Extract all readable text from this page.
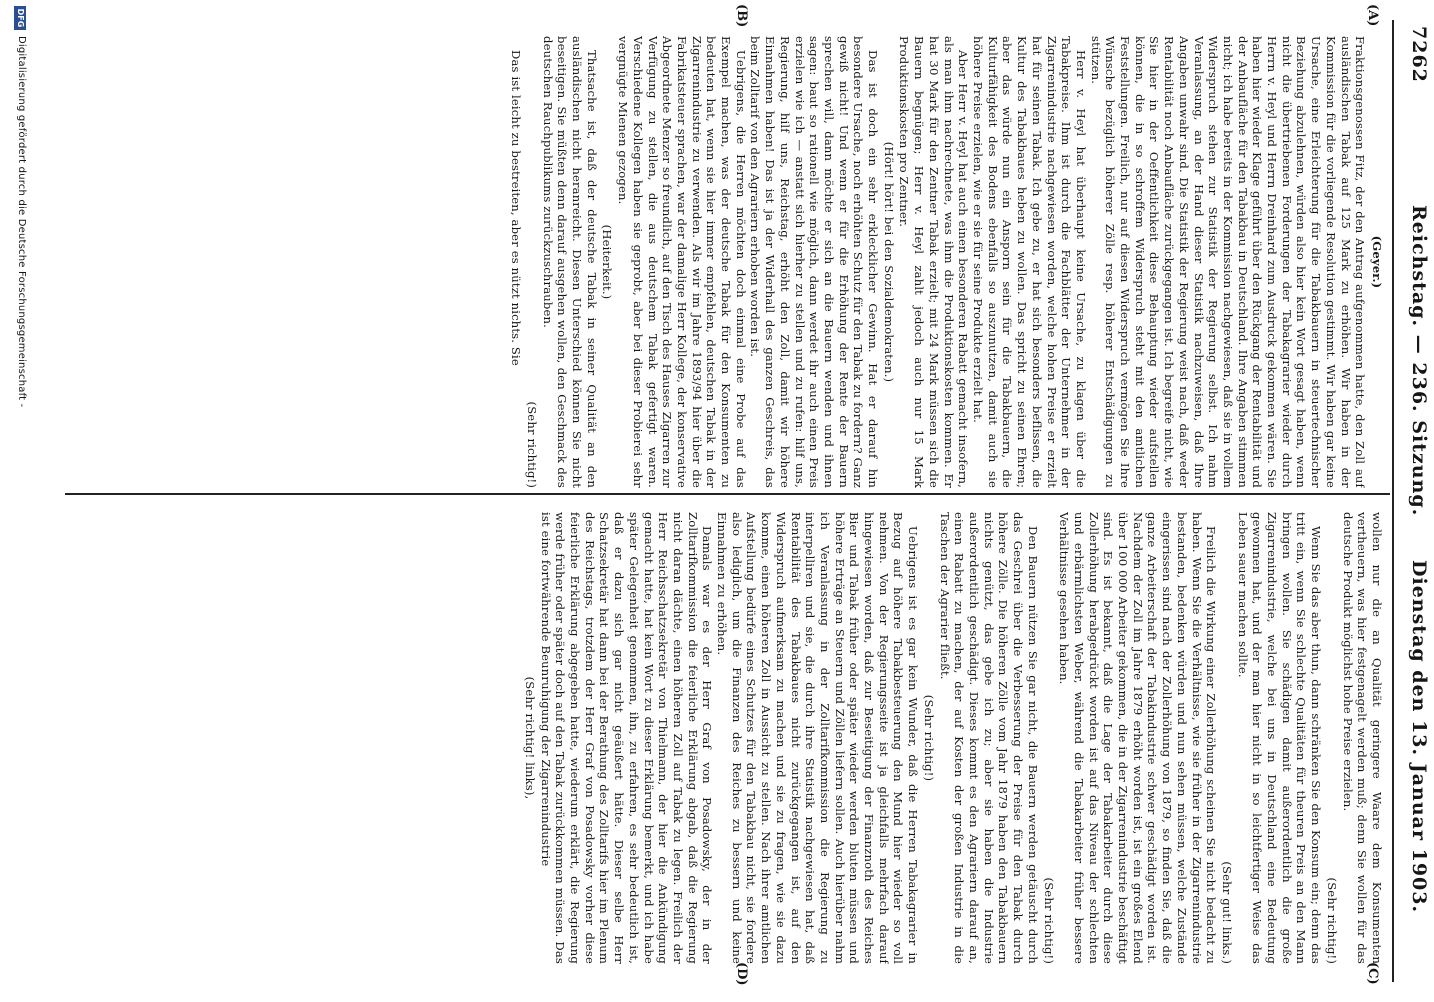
7262
Reichstag. — 236. Sitzung.
Dienstag den 13. Januar 1903.
(A)
(B)
(C)
(D)
(Geyer.)

Fraktionsgenossen Fitz, der den Antrag aufgenommen hatte, den Zoll auf ausländischen Tabak auf 125 Mark zu erhöhen. Wir haben in der Kommission für die vorliegende Resolution gestimmt. Wir haben gar keine Ursache, eine Erleichterung für die Tabakbauern in steuertechnischer Beziehung abzulehnen, würden also hier kein Wort gesagt haben, wenn nicht die übertriebenen Forderungen der Tabakagrarier wieder durch Herrn v. Heyl und Herrn Dreinhard zum Ausdruck gekommen wären. Sie haben hier wieder Klage geführt über den Rückgang der Rentabilität und der Anbaufläche für den Tabakbau in Deutschland. Ihre Angaben stimmen nicht; ich habe bereits in der Kommission nachgewiesen, daß sie in vollem Widerspruch stehen zur Statistik der Regierung selbst. Ich nahm Veranlassung, an der Hand dieser Statistik nachzuweisen, daß Ihre Angaben unwahr sind. Die Statistik der Regierung weist nach, daß weder Rentabilität noch Anbaufläche zurückgegangen ist. Ich begreife nicht, wie Sie hier in der Oeffentlichkeit diese Behauptung wieder aufstellen können, die in so schroffem Widerspruch steht mit den amtlichen Feststellungen. Freilich, nur auf diesen Widerspruch vermögen Sie Ihre Wünsche bezüglich höherer Zölle resp. höherer Entschädigungen zu stützen.

Herr v. Heyl hat überhaupt keine Ursache, zu klagen über die Tabakpreise. Ihm ist durch die Fachblätter der Unternehmer in der Zigarrenindustrie nachgewiesen worden, welche hohen Preise er erzielt hat für seinen Tabak. Ich gebe zu, er hat sich besonders beflissen, die Kultur des Tabakbaues heben zu wollen. Das spricht zu seinen Ehren; aber das würde nun ein Ansporn sein für die Tabakbauern, die Kulturfähigkeit des Bodens ebenfalls so auszunutzen, damit auch sie höhere Preise erzielen, wie er sie für seine Produkte erzielt hat.

Aber Herr v. Heyl hat auch einen besonderen Rabatt gemacht insofern, als man ihm nachrechnete, was ihm die Produktionskosten kommen. Er hat 30 Mark für den Zentner Tabak erzielt; mit 24 Mark müssen sich die Bauern begnügen; Herr v. Heyl zahlt jedoch auch nur 15 Mark Produktionskosten pro Zentner.

(Hört! hört! bei den Sozialdemokraten.)

Das ist doch ein sehr erklecklicher Gewinn. Hat er darauf hin besondere Ursache, noch erhöhten Schutz für den Tabak zu fordern? Ganz gewiß nicht! Und wenn er für die Erhöhung der Rente der Bauern sprechen will, dann möchte er sich an die Bauern wenden und ihnen sagen: baut so rationell wie möglich, dann werdet ihr auch einen Preis erzielen wie ich — anstatt sich hierher zu stellen und zu rufen: hilf uns, Regierung, hilf uns, Reichstag, erhöht den Zoll, damit wir höhere Einnahmen haben! Das ist ja der Widerhall des ganzen Geschreis, das beim Zolltarif von den Agrariern erhoben worden ist.

Uebrigens, die Herren möchten doch einmal eine Probe auf das Exempel machen, was der deutsche Tabak für den Konsumenten zu bedeuten hat, wenn sie hier immer empfehlen, deutschen Tabak in der Zigarrenindustrie zu verwenden. Als wir im Jahre 1893/94 hier über die Fabrikatsteuer sprachen, war der damalige Herr Kollege, der konservative Abgeordnete Menzer so freundlich, auf den Tisch des Hauses Zigarren zur Verfügung zu stellen, die aus deutschem Tabak gefertigt waren. Verschiedene Kollegen haben sie geprobt, aber bei dieser Probierei sehr vergnügte Mienen gezogen.

(Heiterkeit.)

Thatsache ist, daß der deutsche Tabak in seiner Qualität an den ausländischen nicht heranreicht. Diesen Unterschied können Sie nicht beseitigen. Sie müßten denn darauf ausgehen wollen, den Geschmack des deutschen Rauchpublikums zurückzuschrauben.

(Sehr richtig!)

Das ist leicht zu bestreiten, aber es nützt nichts. Sie

wollen nur die an Qualität geringere Waare dem Konsumenten vertheuern, was hier festgenagelt werden muß; denn Sie wollen für das deutsche Produkt möglichst hohe Preise erzielen.

(Sehr richtig!)

Wenn Sie das aber thun, dann schränken Sie den Konsum ein; denn das tritt ein, wenn Sie schlechte Qualitäten für theuren Preis an den Mann bringen wollen. Sie schädigen damit außerordentlich die große Zigarrenindustrie, welche bei uns in Deutschland eine Bedeutung gewonnen hat, und der man hier nicht in so leichtfertiger Weise das Leben sauer machen sollte.

(Sehr gut! links.)

Freilich die Wirkung einer Zollerhöhung scheinen Sie nicht bedacht zu haben. Wenn Sie die Verhältnisse, wie sie früher in der Zigarrenindustrie bestanden, bedenken würden und nun sehen müssen, welche Zustände eingerissen sind nach der Zollerhöhung von 1879, so finden Sie, daß die ganze Arbeiterschaft der Tabakindustrie schwer geschädigt worden ist. Nachdem der Zoll im Jahre 1879 erhöht worden ist, ist ein großes Elend über 100 000 Arbeiter gekommen, die in der Zigarrenindustrie beschäftigt sind. Es ist bekannt, daß die Lage der Tabakarbeiter durch diese Zollerhöhung herabgedrückt worden ist auf das Niveau der schlechten und erbärmlichsten Weber, während die Tabakarbeiter früher bessere Verhältnisse gesehen haben.

(Sehr richtig!)

Den Bauern nützen Sie gar nicht, die Bauern werden getäuscht durch das Geschrei über die Verbesserung der Preise für den Tabak durch höhere Zölle. Die höheren Zölle vom Jahr 1879 haben den Tabakbauern nichts genützt, das gebe ich zu; aber sie haben die Industrie außerordentlich geschädigt. Dieses kommt es den Agrariern darauf an, einen Rabatt zu machen, der auf Kosten der großen Industrie in die Taschen der Agrarier fließt.

(Sehr richtig!)

Uebrigens ist es gar kein Wunder, daß die Herren Tabakagrarier in Bezug auf höhere Tabakbesteuerung den Mund hier wieder so voll nehmen. Von der Regierungsseite ist ja gleichfalls mehrfach darauf hingewiesen worden, daß zur Beseitigung der Finanznoth des Reiches Bier und Tabak früher oder später wieder werden bluten müssen und höhere Erträge an Steuern und Zöllen liefern sollen. Auch hierüber nahm ich Veranlassung in der Zolltarifkommission die Regierung zu interpelliren und sie, die durch ihre Statistik nachgewiesen hat, daß Rentabilität des Tabakbaues nicht zurückgegangen ist, auf den Widerspruch aufmerksam zu machen und sie zu fragen, wie sie dazu komme, einen höheren Zoll in Aussicht zu stellen. Nach ihrer amtlichen Aufstellung bedürfe eines Schutzes für den Tabakbau nicht, sie fordere also lediglich, um die Finanzen des Reiches zu bessern und keine Einnahmen zu erhöhen.

Damals war es der Herr Graf von Posadowsky, der in der Zolltarifkommission die feierliche Erklärung abgab, daß die Regierung nicht daran dächte, einen höheren Zoll auf Tabak zu legen. Freilich der Herr Reichsschatzsekretär von Thielmann, der hier die Ankündigung gemacht hatte, hat kein Wort zu dieser Erklärung bemerkt, und ich habe später Gelegenheit genommen, ihn, zu erfahren, es sehr bedeutlich ist, daß er dazu sich gar nicht geäußert hätte. Dieser selbe Herr Schatzsekretär hat dann bei der Berathung des Zolltarifs hier im Plenum des Reichstags, trotzdem der Herr Graf von Posadowsky vorher diese feierliche Erklärung abgegeben hatte, wiederum erklärt, die Regierung werde früher oder später doch auf den Tabak zurückkommen müssen. Das ist eine fortwährende Beunruhigung der Zigarrenindustrie

(Sehr richtig! links),

DFG
Digitalisierung gefördert durch die Deutsche Forschungsgemeinschaft -
